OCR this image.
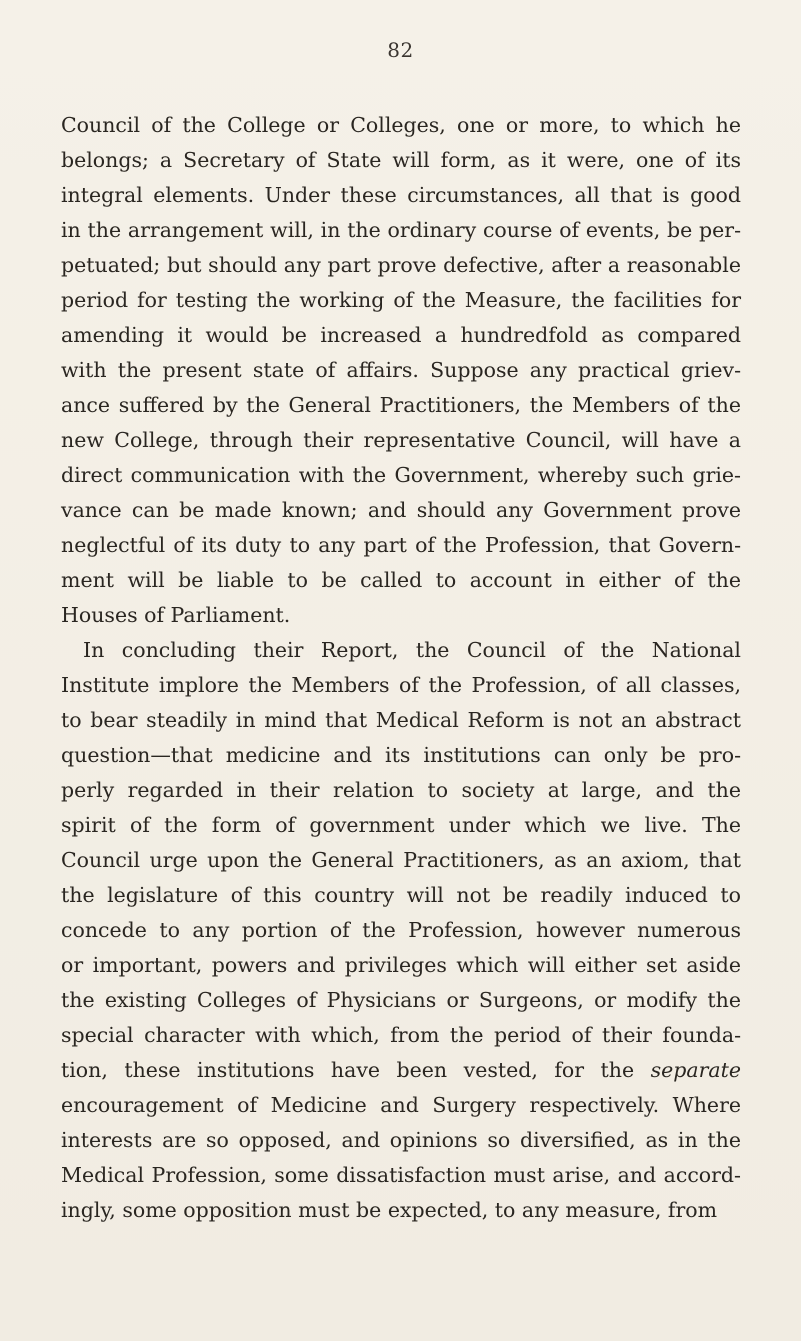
82
Council of the College or Colleges, one or more, to which he
belongs; a Secretary of State will form, as it were, one of its
integral elements. Under these circumstances, all that is good
in the arrangement will, in the ordinary course of events, be per-
petuated; but should any part prove defective, after a reasonable
period for testing the working of the Measure, the facilities for
amending it would be increased a hundredfold as compared
with the present state of affairs. Suppose any practical griev-
ance suffered by the General Practitioners, the Members of the
new College, through their representative Council, will have a
direct communication with the Government, whereby such grie-
vance can be made known; and should any Government prove
neglectful of its duty to any part of the Profession, that Govern-
ment will be liable to be called to account in either of the
Houses of Parliament.
In concluding their Report, the Council of the National
Institute implore the Members of the Profession, of all classes,
to bear steadily in mind that Medical Reform is not an abstract
question—that medicine and its institutions can only be pro-
perly regarded in their relation to society at large, and the
spirit of the form of government under which we live. The
Council urge upon the General Practitioners, as an axiom, that
the legislature of this country will not be readily induced to
concede to any portion of the Profession, however numerous
or important, powers and privileges which will either set aside
the existing Colleges of Physicians or Surgeons, or modify the
special character with which, from the period of their founda-
tion, these institutions have been vested, for the separate
encouragement of Medicine and Surgery respectively. Where
interests are so opposed, and opinions so diversified, as in the
Medical Profession, some dissatisfaction must arise, and accord-
ingly, some opposition must be expected, to any measure, from
